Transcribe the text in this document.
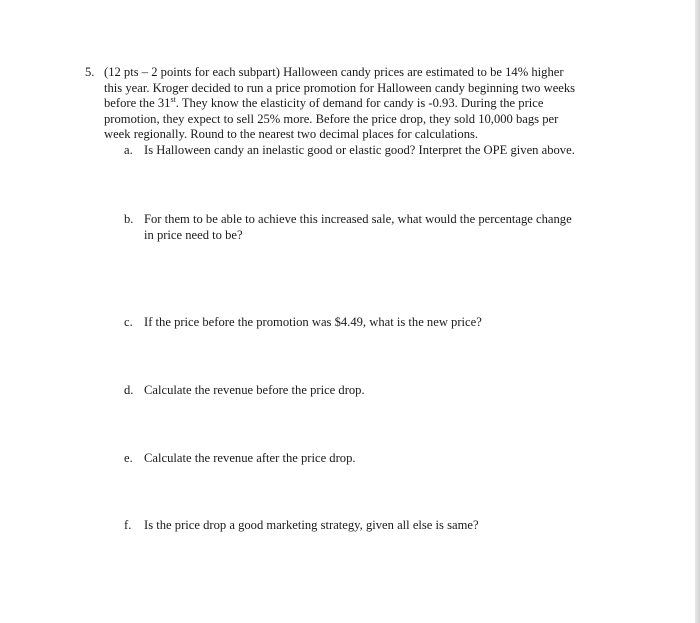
5. (12 pts – 2 points for each subpart) Halloween candy prices are estimated to be 14% higher
this year. Kroger decided to run a price promotion for Halloween candy beginning two weeks
before the 31st. They know the elasticity of demand for candy is -0.93. During the price
promotion, they expect to sell 25% more. Before the price drop, they sold 10,000 bags per
week regionally. Round to the nearest two decimal places for calculations.
a. Is Halloween candy an inelastic good or elastic good? Interpret the OPE given above.
b. For them to be able to achieve this increased sale, what would the percentage change
in price need to be?
c. If the price before the promotion was $4.49, what is the new price?
d. Calculate the revenue before the price drop.
e. Calculate the revenue after the price drop.
f. Is the price drop a good marketing strategy, given all else is same?
